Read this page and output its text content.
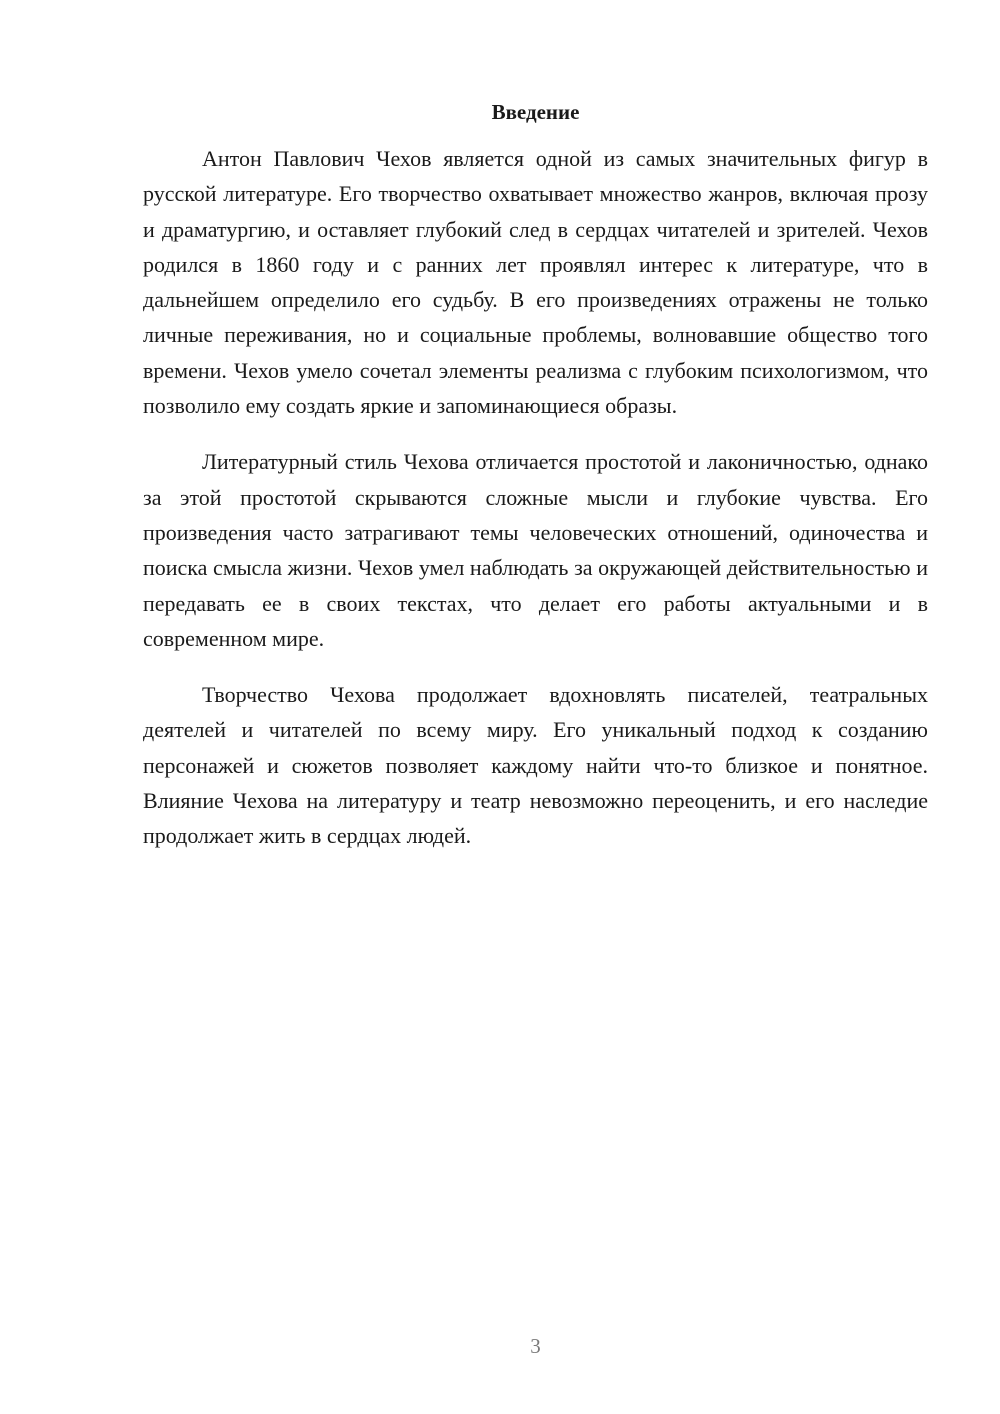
Введение

Антон Павлович Чехов является одной из самых значительных фигур в русской литературе. Его творчество охватывает множество жанров, включая прозу и драматургию, и оставляет глубокий след в сердцах читателей и зрителей. Чехов родился в 1860 году и с ранних лет проявлял интерес к литературе, что в дальнейшем определило его судьбу. В его произведениях отражены не только личные переживания, но и социальные проблемы, волновавшие общество того времени. Чехов умело сочетал элементы реализма с глубоким психологизмом, что позволило ему создать яркие и запоминающиеся образы.

Литературный стиль Чехова отличается простотой и лаконичностью, однако за этой простотой скрываются сложные мысли и глубокие чувства. Его произведения часто затрагивают темы человеческих отношений, одиночества и поиска смысла жизни. Чехов умел наблюдать за окружающей действительностью и передавать ее в своих текстах, что делает его работы актуальными и в современном мире.

Творчество Чехова продолжает вдохновлять писателей, театральных деятелей и читателей по всему миру. Его уникальный подход к созданию персонажей и сюжетов позволяет каждому найти что-то близкое и понятное. Влияние Чехова на литературу и театр невозможно переоценить, и его наследие продолжает жить в сердцах людей.

3
